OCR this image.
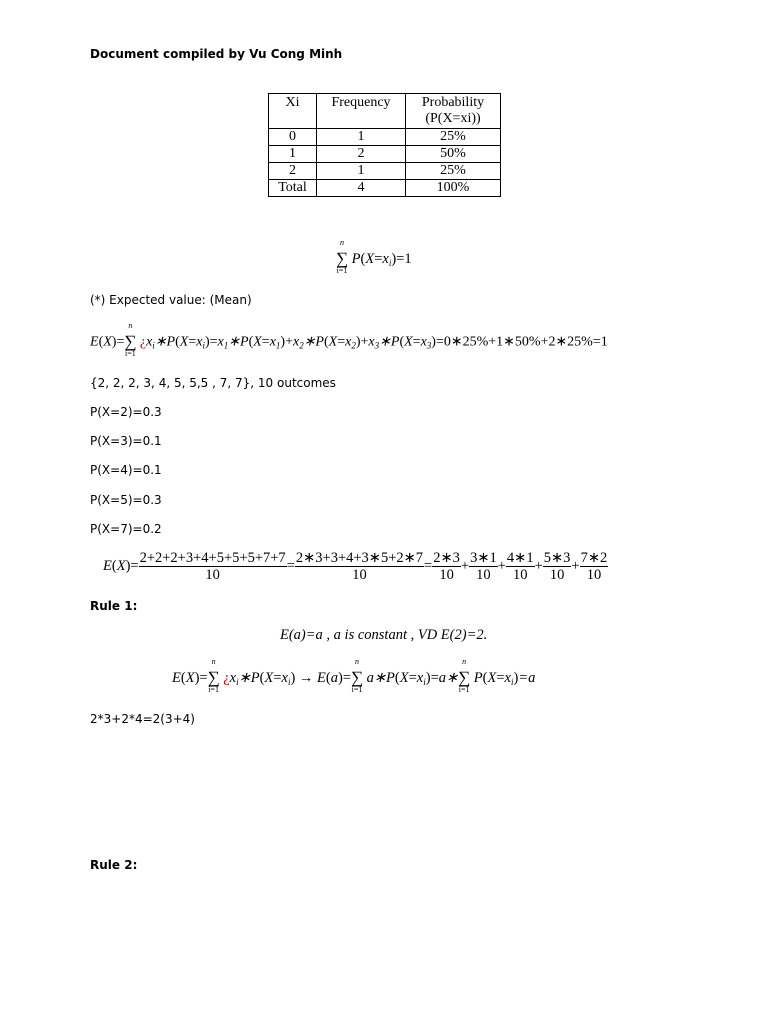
Document compiled by Vu Cong Minh
Xi	Frequency	Probability (P(X=xi))
0	1	25%
1	2	50%
2	1	25%
Total	4	100%
n
∑
i=1
$P(X=x_i)=1$
(*) Expected value: (Mean)
E(X)=
n
∑
i=1
¿$x_i∗P(X=x_i)=x_1∗P(X=x_1)+x_2∗P(X=x_2)+x_3∗P(X=x_3)=0∗25\%+1∗50\%+2∗25\%=1$
{2, 2, 2, 3, 4, 5, 5,5 , 7, 7}, 10 outcomes
P(X=2)=0.3
P(X=3)=0.1
P(X=4)=0.1
P(X=5)=0.3
P(X=7)=0.2
$E(X)= \frac{2+2+2+3+4+5+5+5+7+7}{10} = \frac{2∗3+3+4+3∗5+2∗7}{10} = \frac{2∗3}{10} + \frac{3∗1}{10} + \frac{4∗1}{10} + \frac{5∗3}{10} + \frac{7∗2}{10}$
Rule 1:
E(a)=a , a is constant , VD E(2)=2.
E(X)=
n
∑
i=1
¿$x_i∗P(X=x_i) \to E(a)=$
n
∑
i=1
$a∗P(X=x_i)=a∗$
n
∑
i=1
$P(X=x_i)=a$
2*3+2*4=2(3+4)
Rule 2:
